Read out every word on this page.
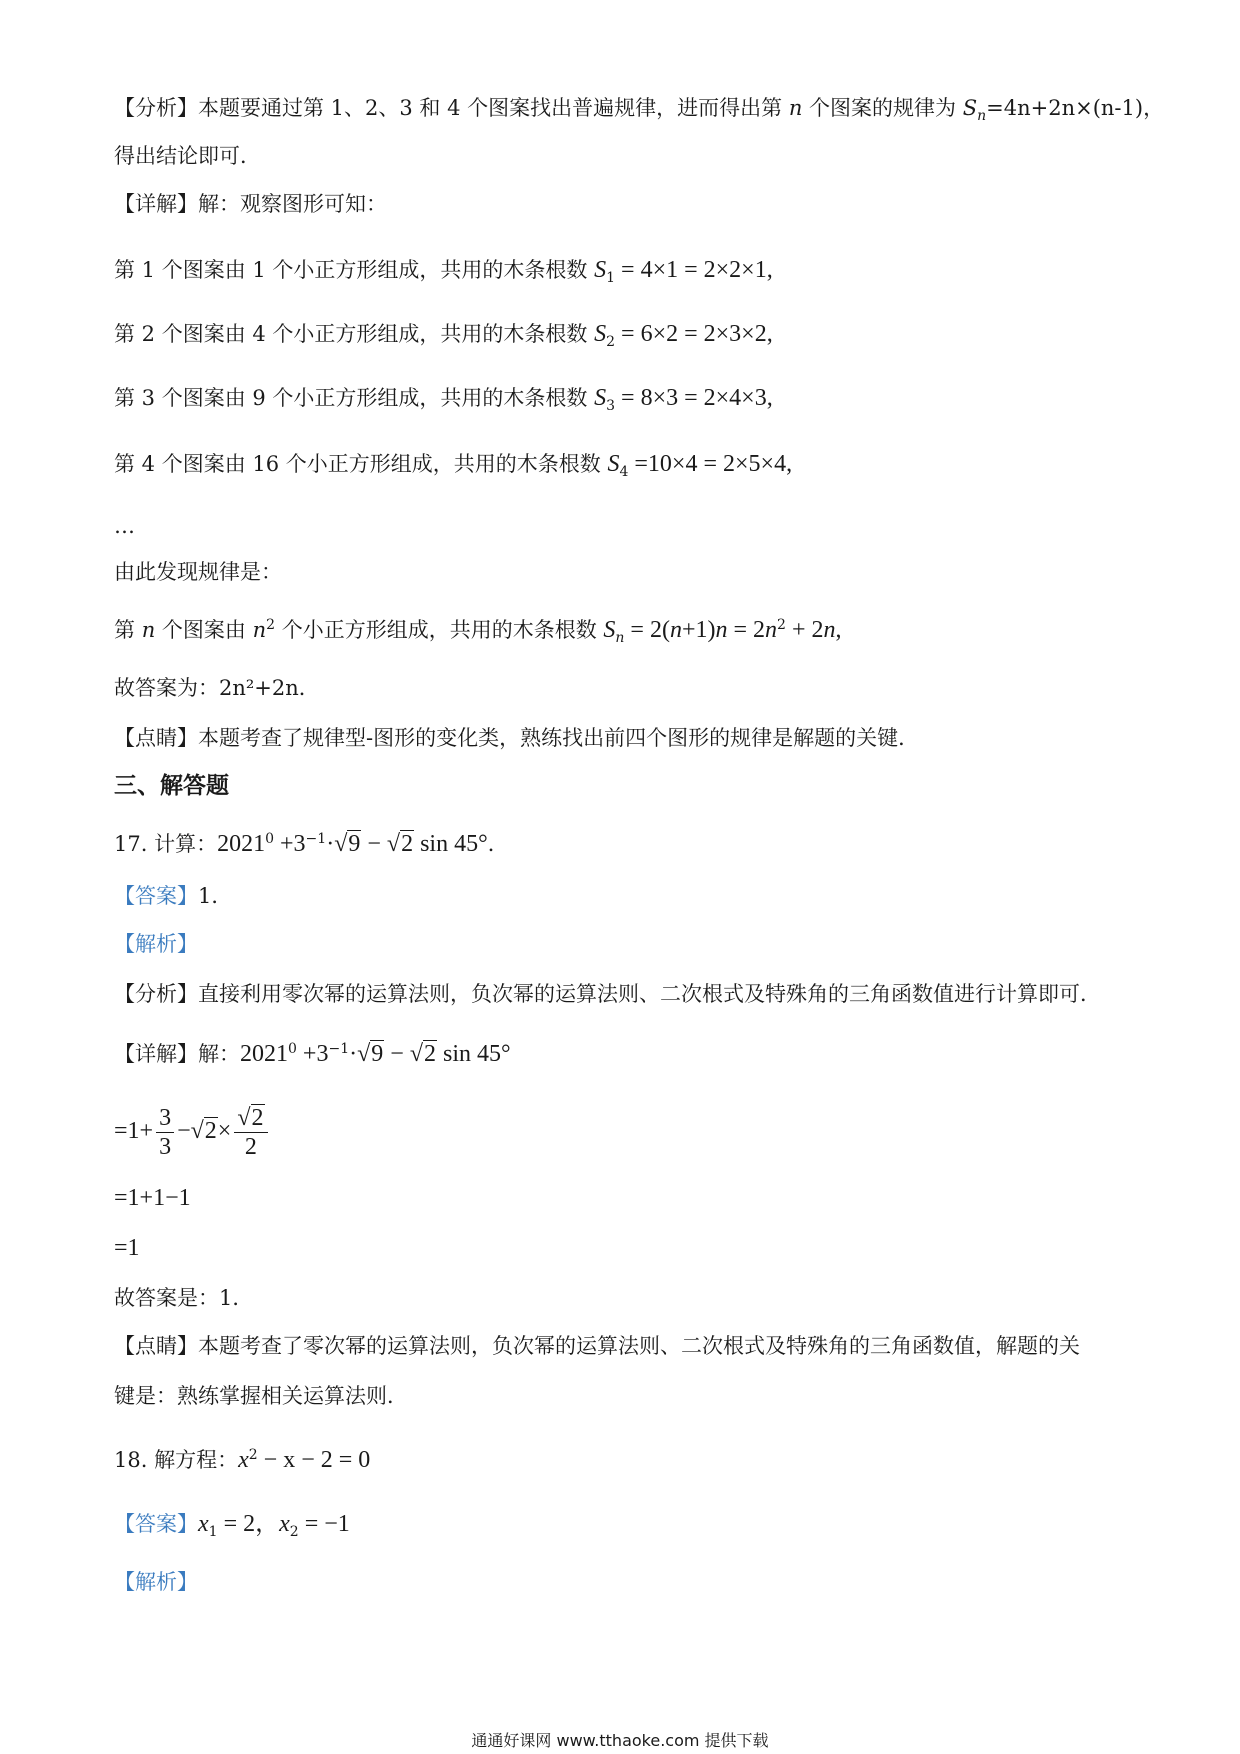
【分析】本题要通过第 1、2、3 和 4 个图案找出普遍规律，进而得出第 n 个图案的规律为 $S_n=4n+2n\times(n-1)$，
得出结论即可．
【详解】解：观察图形可知：
第 1 个图案由 1 个小正方形组成，共用的木条根数 $S_1 = 4\times 1 = 2\times 2\times 1$,
第 2 个图案由 4 个小正方形组成，共用的木条根数 $S_2 = 6\times 2 = 2\times 3\times 2$,
第 3 个图案由 9 个小正方形组成，共用的木条根数 $S_3 = 8\times 3 = 2\times 4\times 3$,
第 4 个图案由 16 个小正方形组成，共用的木条根数 $S_4 =10\times 4 = 2\times 5\times 4$,
…
由此发现规律是：
第 n 个图案由 $n^2$ 个小正方形组成，共用的木条根数 $S_n = 2(n+1)n = 2n^2 + 2n$,
故答案为：2n²+2n．
【点睛】本题考查了规律型-图形的变化类，熟练找出前四个图形的规律是解题的关键．
三、解答题
17. 计算：$2021^0 +3^{-1}\cdot√9 - √2$ sin 45°．
【答案】1．
【解析】
【分析】直接利用零次幂的运算法则，负次幂的运算法则、二次根式及特殊角的三角函数值进行计算即可．
【详解】解：$2021^0 +3^{-1}\cdot√9 - √2$ sin 45°
$=1+ \frac{3}{3} -√2\times \frac{√2}{2}$
=1+1−1
=1
故答案是：1．
【点睛】本题考查了零次幂的运算法则，负次幂的运算法则、二次根式及特殊角的三角函数值，解题的关
键是：熟练掌握相关运算法则．
18. 解方程：$x^2 - x - 2 = 0$
【答案】$x_1 = 2$，$x_2 = -1$
【解析】
通通好课网 www.tthaoke.com 提供下载
